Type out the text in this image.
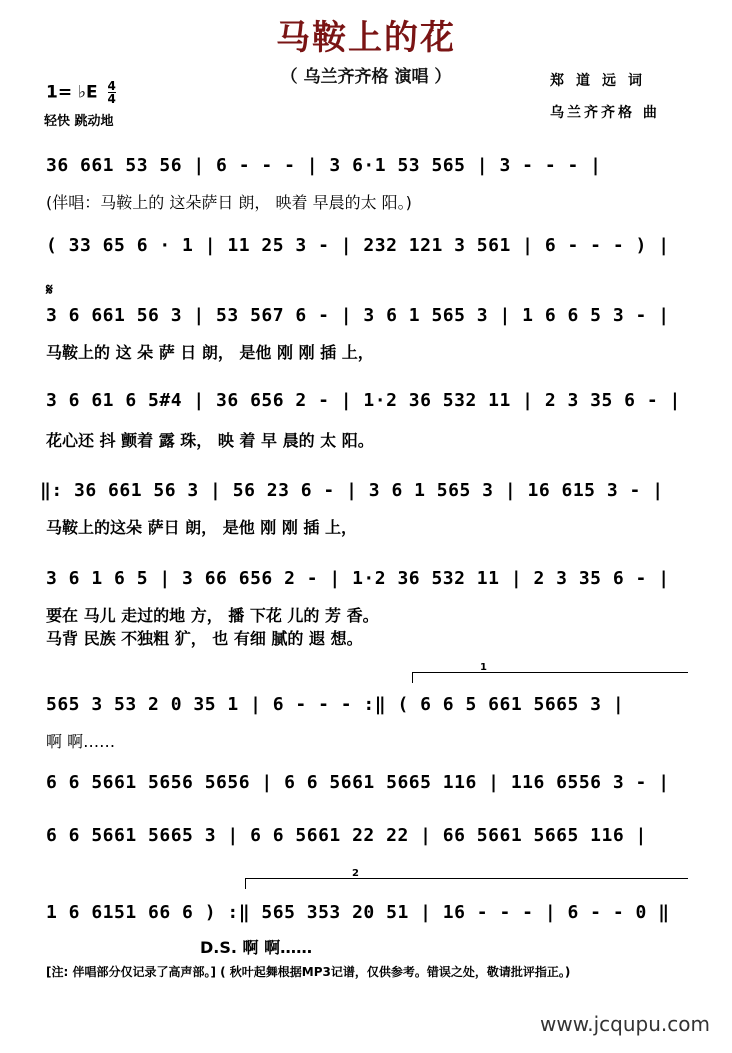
马鞍上的花
（ 乌兰齐齐格 演唱 ）
1= ♭E $\frac{4}{4}$
轻快 跳动地
郑道远词
乌兰齐齐格 曲
𝄋
36 661 53 56 | 6 - - - | 3 6·1 53 565 | 3 - - - |
(伴唱：马鞍上的 这朵萨日 朗， 映着 早晨的太 阳。)
( 33 65 6 · 1 | 11 25 3 - | 232 121 3 561 | 6 - - - ) |
3 6 661 56 3 | 53 567 6 - | 3 6 1 565 3 | 1 6 6 5 3 - |
马鞍上的 这 朵 萨 日 朗， 是他 刚 刚 插 上，
3 6 61 6 5#4 | 36 656 2 - | 1·2 36 532 11 | 2 3 35 6 - |
花心还 抖 颤着 露 珠， 映 着 早 晨的 太 阳。
‖: 36 661 56 3 | 56 23 6 - | 3 6 1 565 3 | 16 615 3 - |
马鞍上的这朵 萨日 朗， 是他 刚 刚 插 上，
3 6 1 6 5 | 3 66 656 2 - | 1·2 36 532 11 | 2 3 35 6 - |
要在 马儿 走过的地 方， 播 下花 儿的 芳 香。
马背 民族 不独粗 犷， 也 有细 腻的 遐 想。
1
565 3 53 2 0 35 1 | 6 - - - :‖ ( 6 6 5 661 5665 3 |
啊 啊……
6 6 5661 5656 5656 | 6 6 5661 5665 116 | 116 6556 3 - |
6 6 5661 5665 3 | 6 6 5661 22 22 | 66 5661 5665 116 |
2
1 6 6151 66 6 ) :‖ 565 353 20 51 | 16 - - - | 6 - - 0 ‖
D.S. 啊 啊……
[注: 伴唱部分仅记录了高声部。] ( 秋叶起舞根据MP3记谱，仅供参考。错误之处，敬请批评指正。)
www.jcqupu.com
